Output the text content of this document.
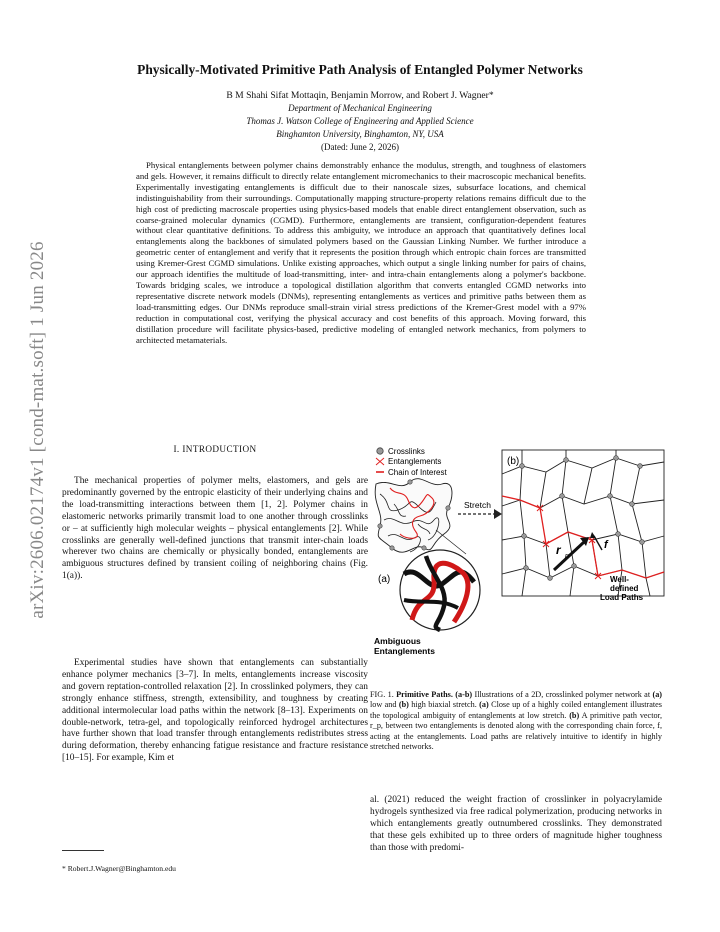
arXiv:2606.02174v1 [cond-mat.soft] 1 Jun 2026
Physically-Motivated Primitive Path Analysis of Entangled Polymer Networks
B M Shahi Sifat Mottaqin, Benjamin Morrow, and Robert J. Wagner*
Department of Mechanical Engineering
Thomas J. Watson College of Engineering and Applied Science
Binghamton University, Binghamton, NY, USA
(Dated: June 2, 2026)
Physical entanglements between polymer chains demonstrably enhance the modulus, strength, and toughness of elastomers and gels. However, it remains difficult to directly relate entanglement micromechanics to their macroscopic mechanical benefits. Experimentally investigating entanglements is difficult due to their nanoscale sizes, subsurface locations, and chemical indistinguishability from their surroundings. Computationally mapping structure-property relations remains difficult due to the high cost of predicting macroscale properties using physics-based models that enable direct entanglement observation, such as coarse-grained molecular dynamics (CGMD). Furthermore, entanglements are transient, configuration-dependent features without clear quantitative definitions. To address this ambiguity, we introduce an approach that quantitatively defines local entanglements along the backbones of simulated polymers based on the Gaussian Linking Number. We further introduce a geometric center of entanglement and verify that it represents the position through which entropic chain forces are transmitted using Kremer-Grest CGMD simulations. Unlike existing approaches, which output a single linking number for pairs of chains, our approach identifies the multitude of load-transmitting, inter- and intra-chain entanglements along a polymer's backbone. Towards bridging scales, we introduce a topological distillation algorithm that converts entangled CGMD networks into representative discrete network models (DNMs), representing entanglements as vertices and primitive paths between them as load-transmitting edges. Our DNMs reproduce small-strain virial stress predictions of the Kremer-Grest model with a 97% reduction in computational cost, verifying the physical accuracy and cost benefits of this approach. Moving forward, this distillation procedure will facilitate physics-based, predictive modeling of entangled network mechanics, from polymers to architected metamaterials.
I. INTRODUCTION
The mechanical properties of polymer melts, elastomers, and gels are predominantly governed by the entropic elasticity of their underlying chains and the load-transmitting interactions between them [1, 2]. Polymer chains in elastomeric networks primarily transmit load to one another through crosslinks or – at sufficiently high molecular weights – physical entanglements [2]. While crosslinks are generally well-defined junctions that transmit inter-chain loads wherever two chains are chemically or physically bonded, entanglements are ambiguous structures defined by transient coiling of neighboring chains (Fig. 1(a)).
Experimental studies have shown that entanglements can substantially enhance polymer mechanics [3–7]. In melts, entanglements increase viscosity and govern reptation-controlled relaxation [2]. In crosslinked polymers, they can strongly enhance stiffness, strength, extensibility, and toughness by creating additional intermolecular load paths within the network [8–13]. Experiments on double-network, tetra-gel, and topologically reinforced hydrogel architectures have further shown that load transfer through entanglements redistributes stress during deformation, thereby enhancing fatigue resistance and fracture resistance [10–15]. For example, Kim et
* Robert.J.Wagner@Binghamton.edu
Crosslinks
Entanglements
Chain of Interest
(a)
Ambiguous
Entanglements
Stretch
(b)
r p
f
Well-
defined
Load Paths
FIG. 1. Primitive Paths. (a-b) Illustrations of a 2D, crosslinked polymer network at (a) low and (b) high biaxial stretch. (a) Close up of a highly coiled entanglement illustrates the topological ambiguity of entanglements at low stretch. (b) A primitive path vector, r_p, between two entanglements is denoted along with the corresponding chain force, f, acting at the entanglements. Load paths are relatively intuitive to identify in highly stretched networks.
al. (2021) reduced the weight fraction of crosslinker in polyacrylamide hydrogels synthesized via free radical polymerization, producing networks in which entanglements greatly outnumbered crosslinks. They demonstrated that these gels exhibited up to three orders of magnitude higher toughness than those with predomi-
